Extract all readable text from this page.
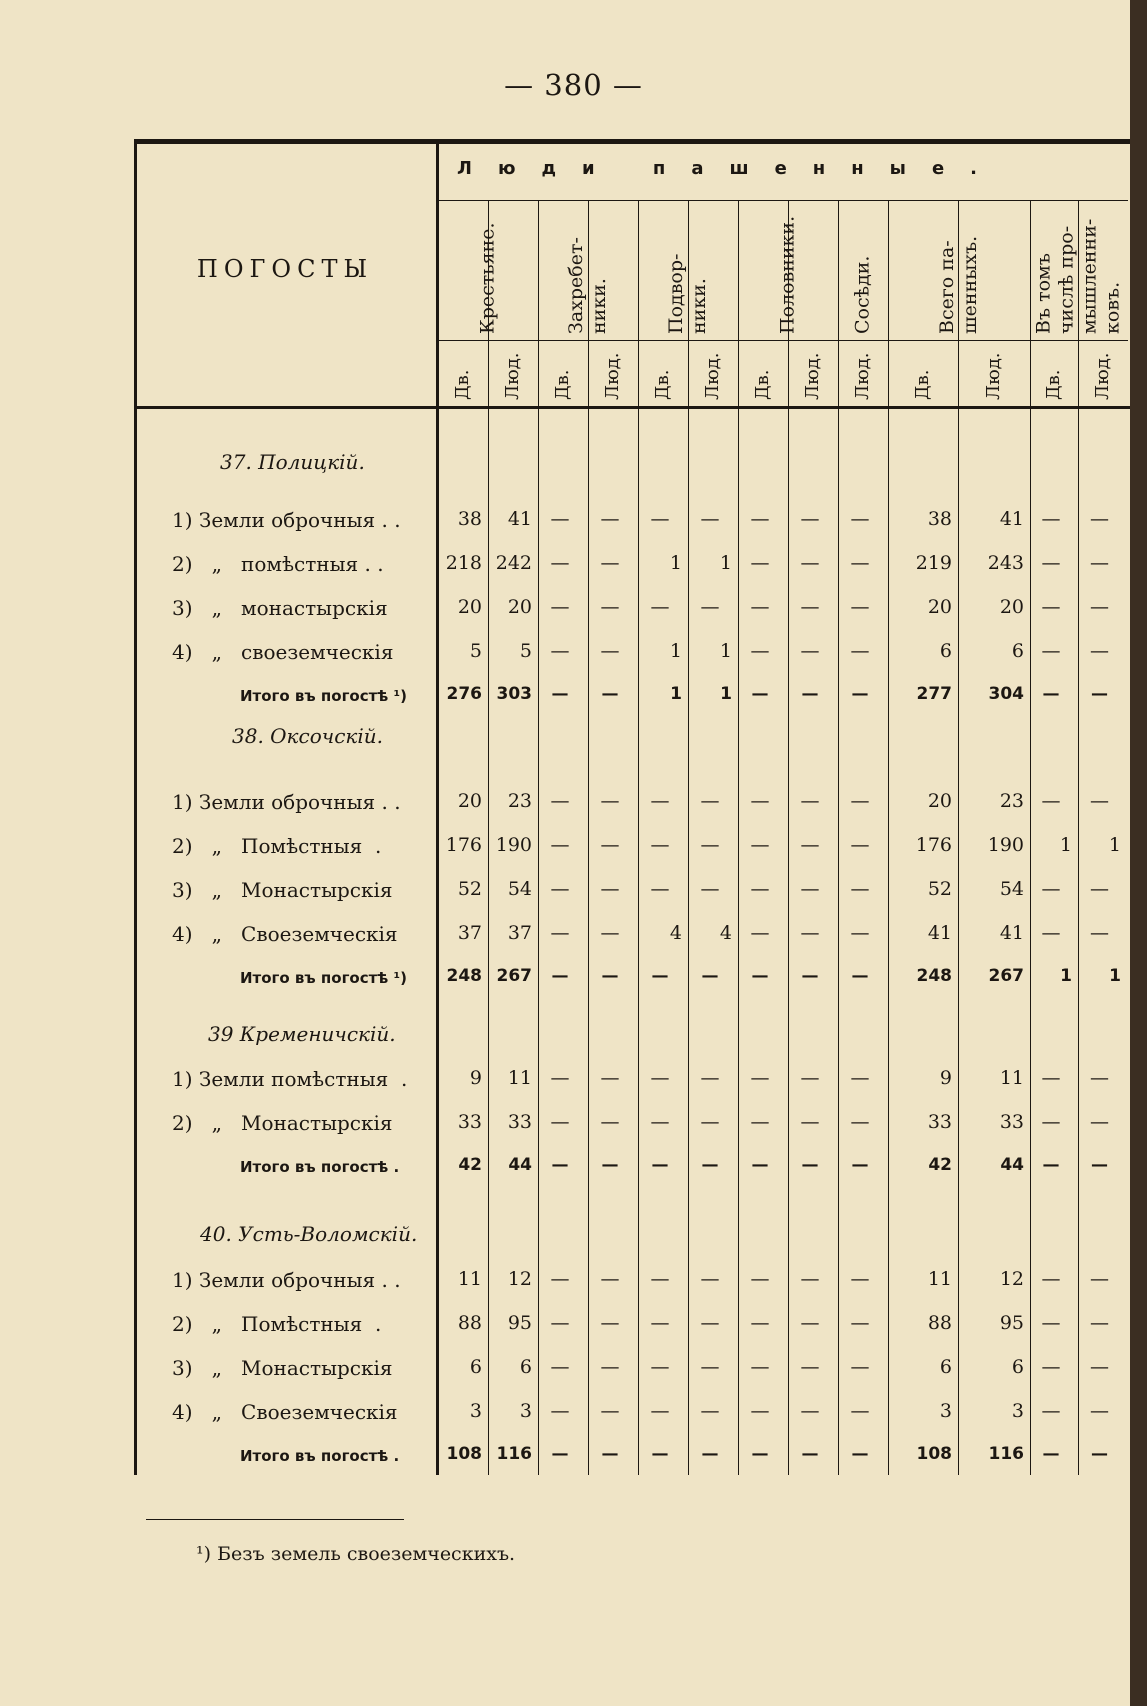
— 380 —
ПОГОСТЫ
Люди пашенные.
Крестьяне.
Дв. Люд.
Захребет-
ники.
Дв. Люд.
Подвор-
ники.
Дв. Люд.
Половники.
Дв. Люд.
Сосѣди.
Люд.
Всего па-
шенныхъ.
Дв.	Люд.
Въ томъ
числѣ про-
мышленни-
ковъ.
Дв. Люд.
37. Полицкій.
1) Земли оброчныя . .	38	41 —	—	—	—	—	—	—	38	41 —	—
2)   „   помѣстныя . .	218 242 —	—	1	1 —	—	—	219	243 —	—
3)   „   монастырскія	20	20 —	—	—	—	—	—	—	20	20 —	—
4)   „   своеземческія	5	5 —	—	1	1 —	—	—	6	6 —	—
Итого въ погостѣ ¹)	276 303	—	—	1	1	—	—	—	277	304	—	—
38. Оксочскій.
1) Земли оброчныя . .	20	23 —	—	—	—	—	—	—	20	23 —	—
2)   „   Помѣстныя  .	176 190 —	—	—	—	—	—	—	176	190	1	1
3)   „   Монастырскія	52	54 —	—	—	—	—	—	—	52	54 —	—
4)   „   Своеземческія	37	37 —	—	4	4 —	—	—	41	41 —	—
Итого въ погостѣ ¹)	248 267	—	—	—	—	—	—	—	248	267	1	1
39 Кременичскій.
1) Земли помѣстныя  .	9	11 —	—	—	—	—	—	—	9	11 —	—
2)   „   Монастырскія	33	33 —	—	—	—	—	—	—	33	33 —	—
Итого въ погостѣ .	42	44	—	—	—	—	—	—	—	42	44	—	—
40. Усть-Воломскій.
1) Земли оброчныя . .	11	12 —	—	—	—	—	—	—	11	12 —	—
2)   „   Помѣстныя  .	88	95 —	—	—	—	—	—	—	88	95 —	—
3)   „   Монастырскія	6	6 —	—	—	—	—	—	—	6	6 —	—
4)   „   Своеземческія	3	3 —	—	—	—	—	—	—	3	3 —	—
Итого въ погостѣ .	108 116	—	—	—	—	—	—	—	108	116	—	—
¹) Безъ земель своеземческихъ.
